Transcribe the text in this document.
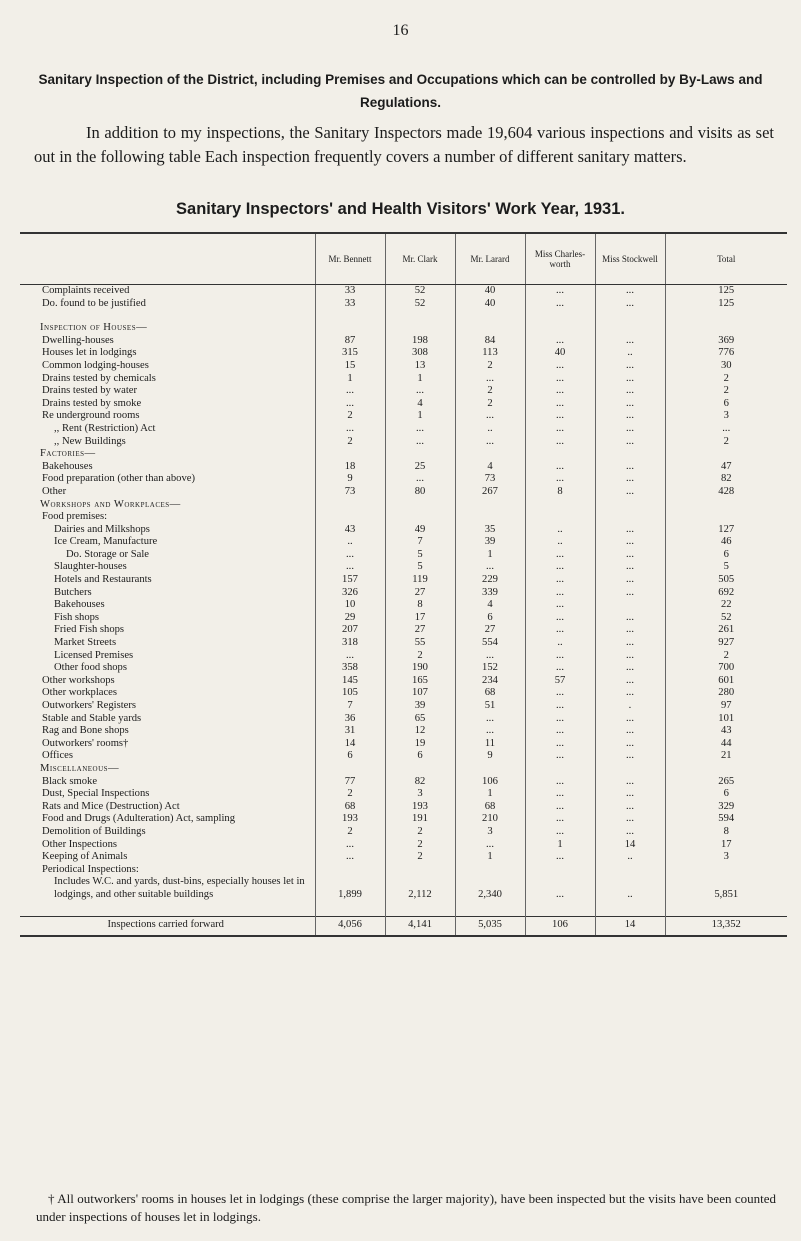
16
Sanitary Inspection of the District, including Premises and Occupations which can be controlled by By-Laws and Regulations.

In addition to my inspections, the Sanitary Inspectors made 19,604 various inspections and visits as set out in the following table Each inspection frequently covers a number of different sanitary matters.

Sanitary Inspectors' and Health Visitors' Work Year, 1931.
	Mr. Bennett	Mr. Clark	Mr. Larard	Miss Charles-worth	Miss Stockwell	Total
Complaints received	33	52	40	...	...	125
Do. found to be justified	33	52	40	...	...	125

Inspection of Houses—						
Dwelling-houses	87	198	84	...	...	369
Houses let in lodgings	315	308	113	40	..	776
Common lodging-houses	15	13	2	...	...	30
Drains tested by chemicals	1	1	...	...	...	2
Drains tested by water	...	...	2	...	...	2
Drains tested by smoke	...	4	2	...	...	6
Re underground rooms	2	1	...	...	...	3
,, Rent (Restriction) Act	...	...	..	...	...	...
,, New Buildings	2	...	...	...	...	2
Factories—						
Bakehouses	18	25	4	...	...	47
Food preparation (other than above)	9	...	73	...	...	82
Other	73	80	267	8	...	428
Workshops and Workplaces—						
Food premises:						
Dairies and Milkshops	43	49	35	..	...	127
Ice Cream, Manufacture	..	7	39	..	...	46
Do. Storage or Sale	...	5	1	...	...	6
Slaughter-houses	...	5	...	...	...	5
Hotels and Restaurants	157	119	229	...	...	505
Butchers	326	27	339	...	...	692
Bakehouses	10	8	4	...		22
Fish shops	29	17	6	...	...	52
Fried Fish shops	207	27	27	...	...	261
Market Streets	318	55	554	..	...	927
Licensed Premises	...	2	...	...	...	2
Other food shops	358	190	152	...	...	700
Other workshops	145	165	234	57	...	601
Other workplaces	105	107	68	...	...	280
Outworkers' Registers	7	39	51	...	.	97
Stable and Stable yards	36	65	...	...	...	101
Rag and Bone shops	31	12	...	...	...	43
Outworkers' rooms†	14	19	11	...	...	44
Offices	6	6	9	...	...	21
Miscellaneous—						
Black smoke	77	82	106	...	...	265
Dust, Special Inspections	2	3	1	...	...	6
Rats and Mice (Destruction) Act	68	193	68	...	...	329
Food and Drugs (Adulteration) Act, sampling	193	191	210	...	...	594
Demolition of Buildings	2	2	3	...	...	8
Other Inspections	...	2	...	1	14	17
Keeping of Animals	...	2	1	...	..	3
Periodical Inspections:						
Includes W.C. and yards, dust-bins, especially houses let in lodgings, and other suitable buildings	1,899	2,112	2,340	...	..	5,851

Inspections carried forward	4,056	4,141	5,035	106	14	13,352

† All outworkers' rooms in houses let in lodgings (these comprise the larger majority), have been inspected but the visits have been counted under inspections of houses let in lodgings.
